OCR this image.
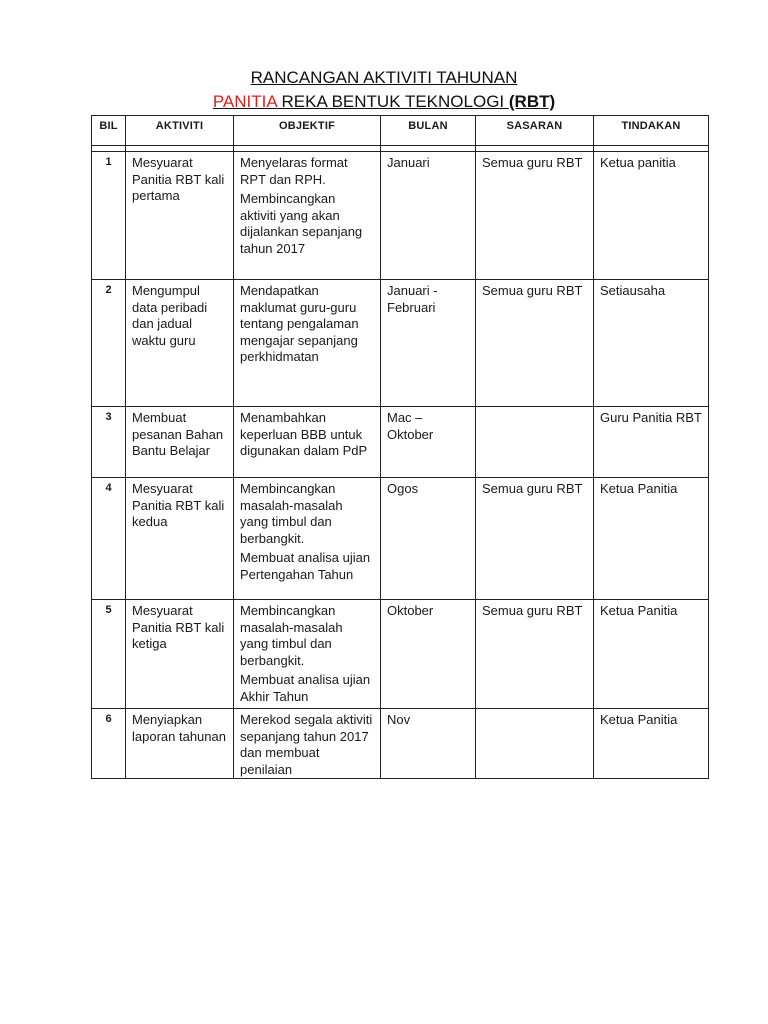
RANCANGAN AKTIVITI TAHUNAN
PANITIA REKA BENTUK TEKNOLOGI (RBT)
BIL	AKTIVITI	OBJEKTIF	BULAN	SASARAN	TINDAKAN

1	Mesyuarat Panitia RBT kali pertama	Menyelaras format RPT dan RPH.
Membincangkan aktiviti yang akan dijalankan sepanjang tahun 2017	Januari	Semua guru RBT	Ketua panitia
2	Mengumpul data peribadi dan jadual waktu guru	Mendapatkan maklumat guru-guru tentang pengalaman mengajar sepanjang perkhidmatan	Januari - Februari	Semua guru RBT	Setiausaha
3	Membuat pesanan Bahan Bantu Belajar	Menambahkan keperluan BBB untuk digunakan dalam PdP	Mac – Oktober		Guru Panitia RBT
4	Mesyuarat Panitia RBT kali kedua	Membincangkan masalah-masalah yang timbul dan berbangkit.
Membuat analisa ujian Pertengahan Tahun	Ogos	Semua guru RBT	Ketua Panitia
5	Mesyuarat Panitia RBT kali ketiga	Membincangkan masalah-masalah yang timbul dan berbangkit.
Membuat analisa ujian Akhir Tahun	Oktober	Semua guru RBT	Ketua Panitia
6	Menyiapkan laporan tahunan	Merekod segala aktiviti sepanjang tahun 2017 dan membuat penilaian	Nov		Ketua Panitia
